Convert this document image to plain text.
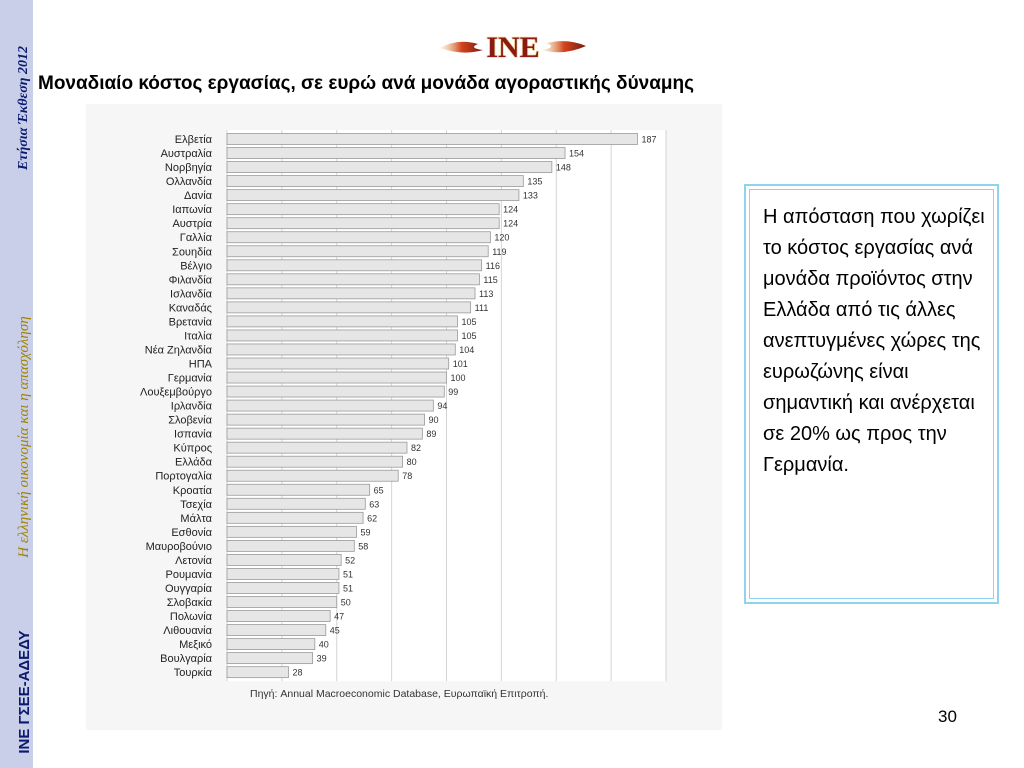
ΙΝΕ ΓΣΕΕ-ΑΔΕΔΥ
Η ελληνική οικονομία και η απασχόληση
Ετήσια Έκθεση 2012	INE
Μοναδιαίο κόστος εργασίας, σε ευρώ ανά μονάδα αγοραστικής δύναμης
Ελβετία	187
Αυστραλία	154
Νορβηγία	148
Ολλανδία	135
Δανία	133
Ιαπωνία	124
Αυστρία	124
Γαλλία	120
Σουηδία	119
Βέλγιο	116
Φιλανδία	115
Ισλανδία	113
Καναδάς	111
Βρετανία	105
Ιταλία	105
Νέα Ζηλανδία	104
ΗΠΑ	101
Γερμανία	100
Λουξεμβούργο	99
Ιρλανδία	94
Σλοβενία	90
Ισπανία	89
Κύπρος	82
Ελλάδα	80
Πορτογαλία	78
Κροατία	65
Τσεχία	63
Μάλτα	62
Εσθονία	59
Μαυροβούνιο	58
Λετονία	52
Ρουμανία	51
Ουγγαρία	51
Σλοβακία	50
Πολωνία	47
Λιθουανία	45
Μεξικό	40
Βουλγαρία	39
Τουρκία	28
Πηγή: Annual Macroeconomic Database, Ευρωπαϊκή Επιτροπή.
Η απόσταση που χωρίζει το κόστος εργασίας ανά μονάδα προϊόντος στην Ελλάδα από τις άλλες ανεπτυγμένες χώρες της ευρωζώνης είναι σημαντική και ανέρχεται σε 20% ως προς την Γερμανία.
30
